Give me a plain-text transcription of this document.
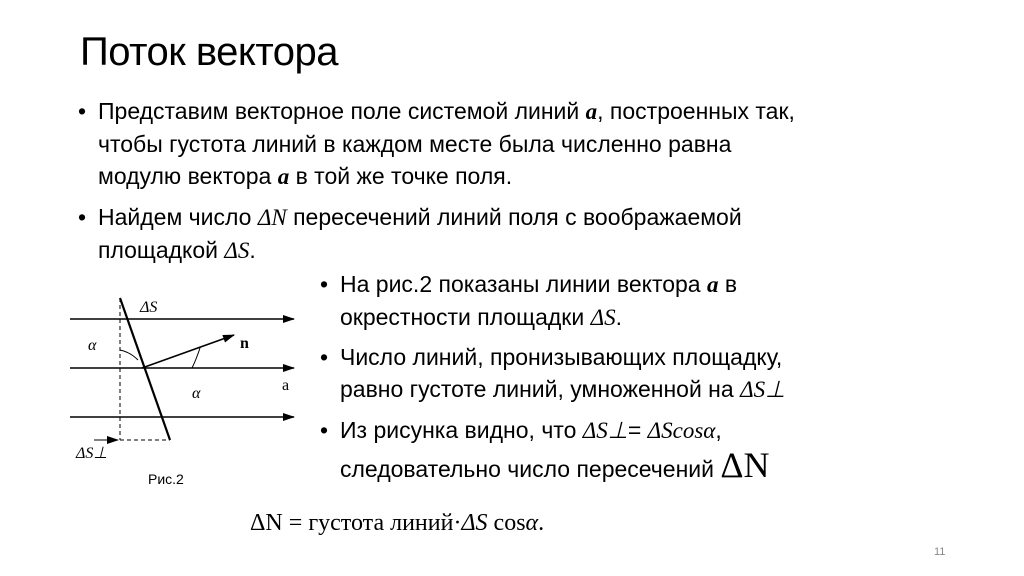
Поток вектора
• Представим векторное поле системой линий a, построенных так,
чтобы густота линий в каждом месте была численно равна
модулю вектора a в той же точке поля.
• Найдем число ΔN пересечений линий поля с воображаемой
площадкой ΔS.
• На рис.2 показаны линии вектора a в
окрестности площадки ΔS.
• Число линий, пронизывающих площадку,
равно густоте линий, умноженной на ΔS⊥
• Из рисунка видно, что ΔS⊥= ΔScosα,
следовательно число пересечений ΔN
ΔS
α
α
n
a
ΔS⊥
Рис.2
ΔN = густота линий·ΔS cosα.
11
